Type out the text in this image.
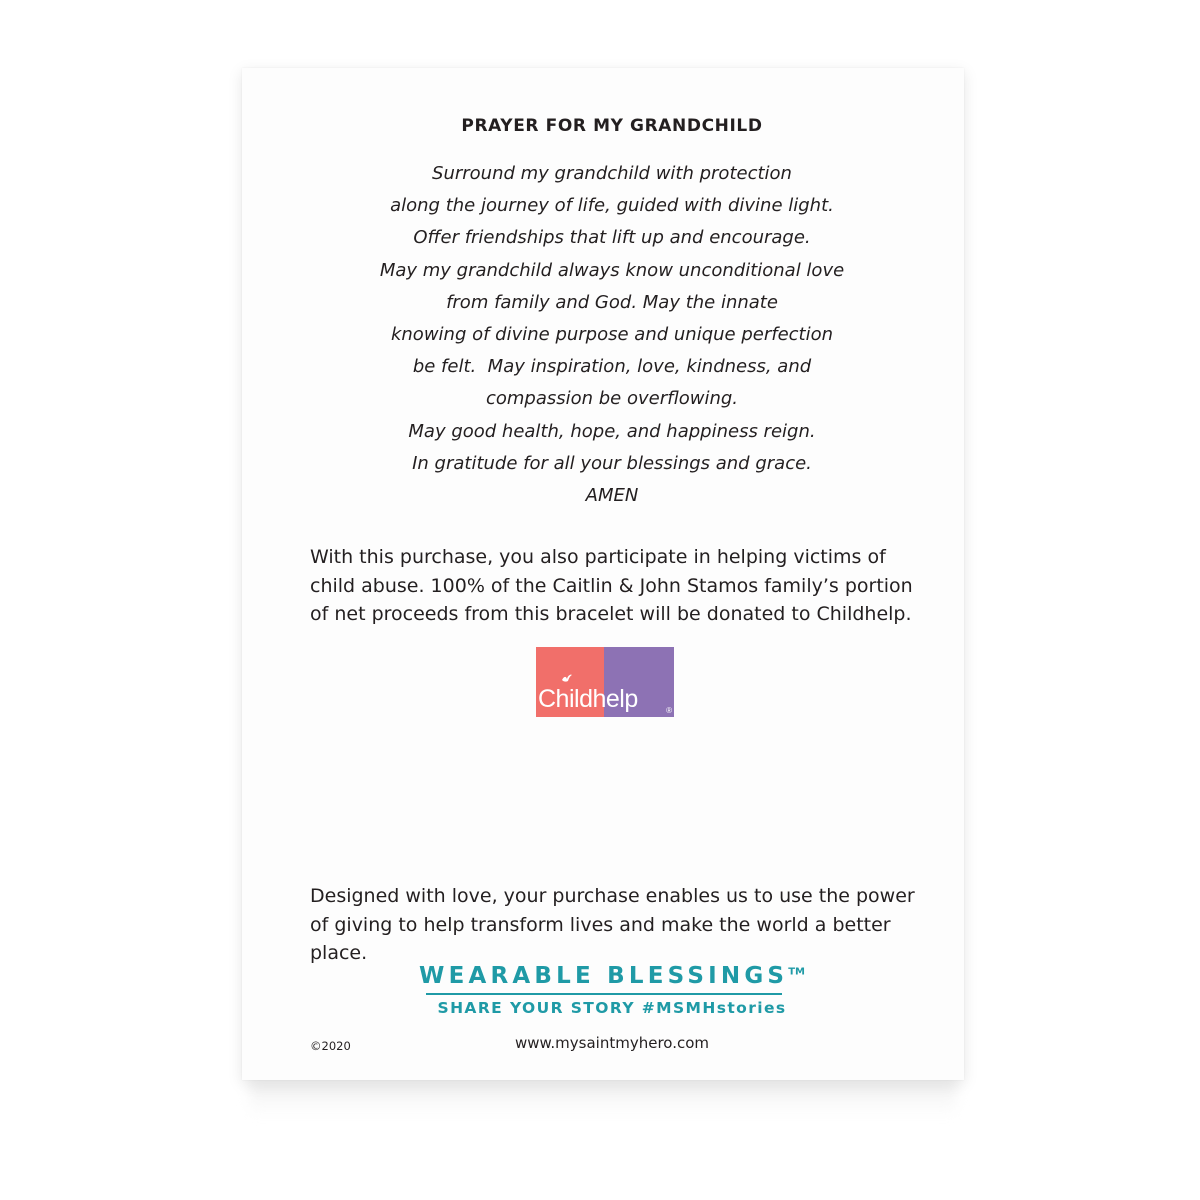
PRAYER FOR MY GRANDCHILD
Surround my grandchild with protection
along the journey of life, guided with divine light.
Offer friendships that lift up and encourage.
May my grandchild always know unconditional love
from family and God. May the innate
knowing of divine purpose and unique perfection
be felt.  May inspiration, love, kindness, and
compassion be overflowing.
May good health, hope, and happiness reign.
In gratitude for all your blessings and grace.
AMEN
With this purchase, you also participate in helping victims of child abuse. 100% of the Caitlin & John Stamos family’s portion of net proceeds from this bracelet will be donated to Childhelp.
Childhelp	®
Designed with love, your purchase enables us to use the power of giving to help transform lives and make the world a better place.
WEARABLE BLESSINGS™
SHARE YOUR STORY #MSMHstories
©2020	www.mysaintmyhero.com
